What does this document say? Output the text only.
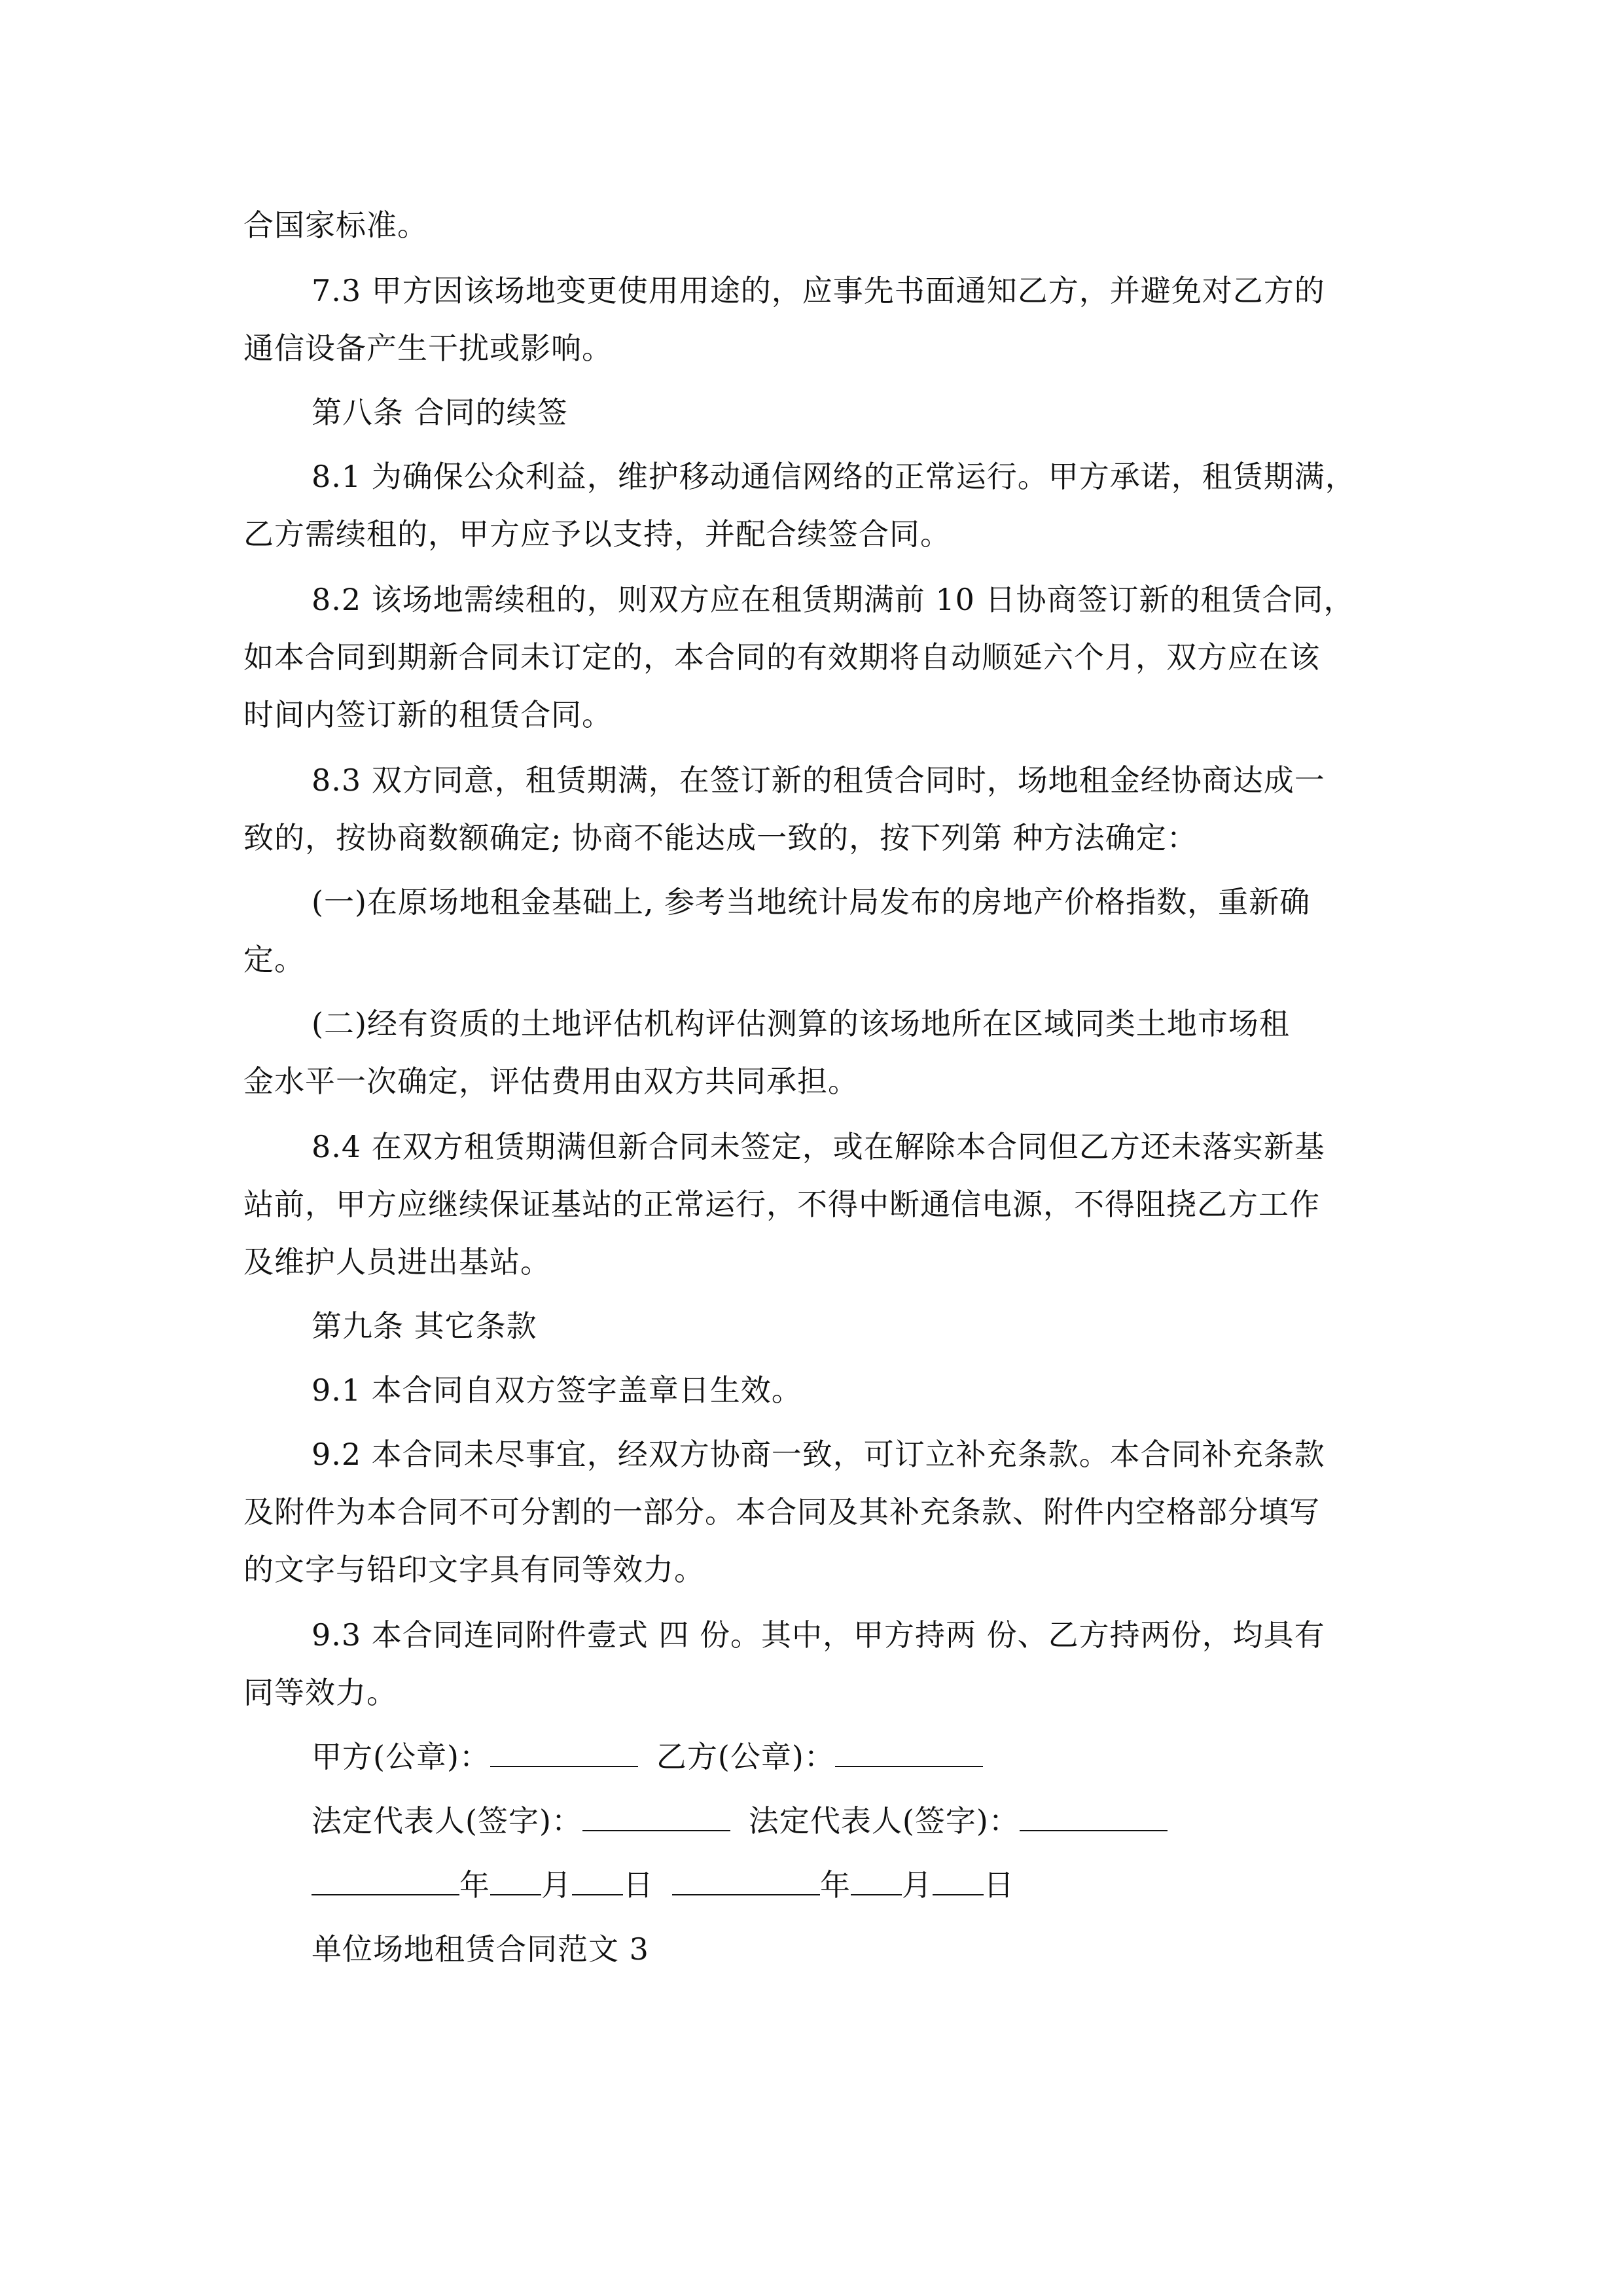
合国家标准。
7.3 甲方因该场地变更使用用途的，应事先书面通知乙方，并避免对乙方的
通信设备产生干扰或影响。
第八条 合同的续签
8.1 为确保公众利益，维护移动通信网络的正常运行。甲方承诺，租赁期满，
乙方需续租的，甲方应予以支持，并配合续签合同。
8.2 该场地需续租的，则双方应在租赁期满前 10 日协商签订新的租赁合同，
如本合同到期新合同未订定的，本合同的有效期将自动顺延六个月，双方应在该
时间内签订新的租赁合同。
8.3 双方同意，租赁期满，在签订新的租赁合同时，场地租金经协商达成一
致的，按协商数额确定; 协商不能达成一致的，按下列第 种方法确定：
(一)在原场地租金基础上, 参考当地统计局发布的房地产价格指数，重新确
定。
(二)经有资质的土地评估机构评估测算的该场地所在区域同类土地市场租
金水平一次确定，评估费用由双方共同承担。
8.4 在双方租赁期满但新合同未签定，或在解除本合同但乙方还未落实新基
站前，甲方应继续保证基站的正常运行，不得中断通信电源，不得阻挠乙方工作
及维护人员进出基站。
第九条 其它条款
9.1 本合同自双方签字盖章日生效。
9.2 本合同未尽事宜，经双方协商一致，可订立补充条款。本合同补充条款
及附件为本合同不可分割的一部分。本合同及其补充条款、附件内空格部分填写
的文字与铅印文字具有同等效力。
9.3 本合同连同附件壹式 四 份。其中，甲方持两 份、乙方持两份，均具有
同等效力。
甲方(公章)：	乙方(公章)：
法定代表人(签字)：	法定代表人(签字)：
年 月 日	年 月 日
单位场地租赁合同范文 3
